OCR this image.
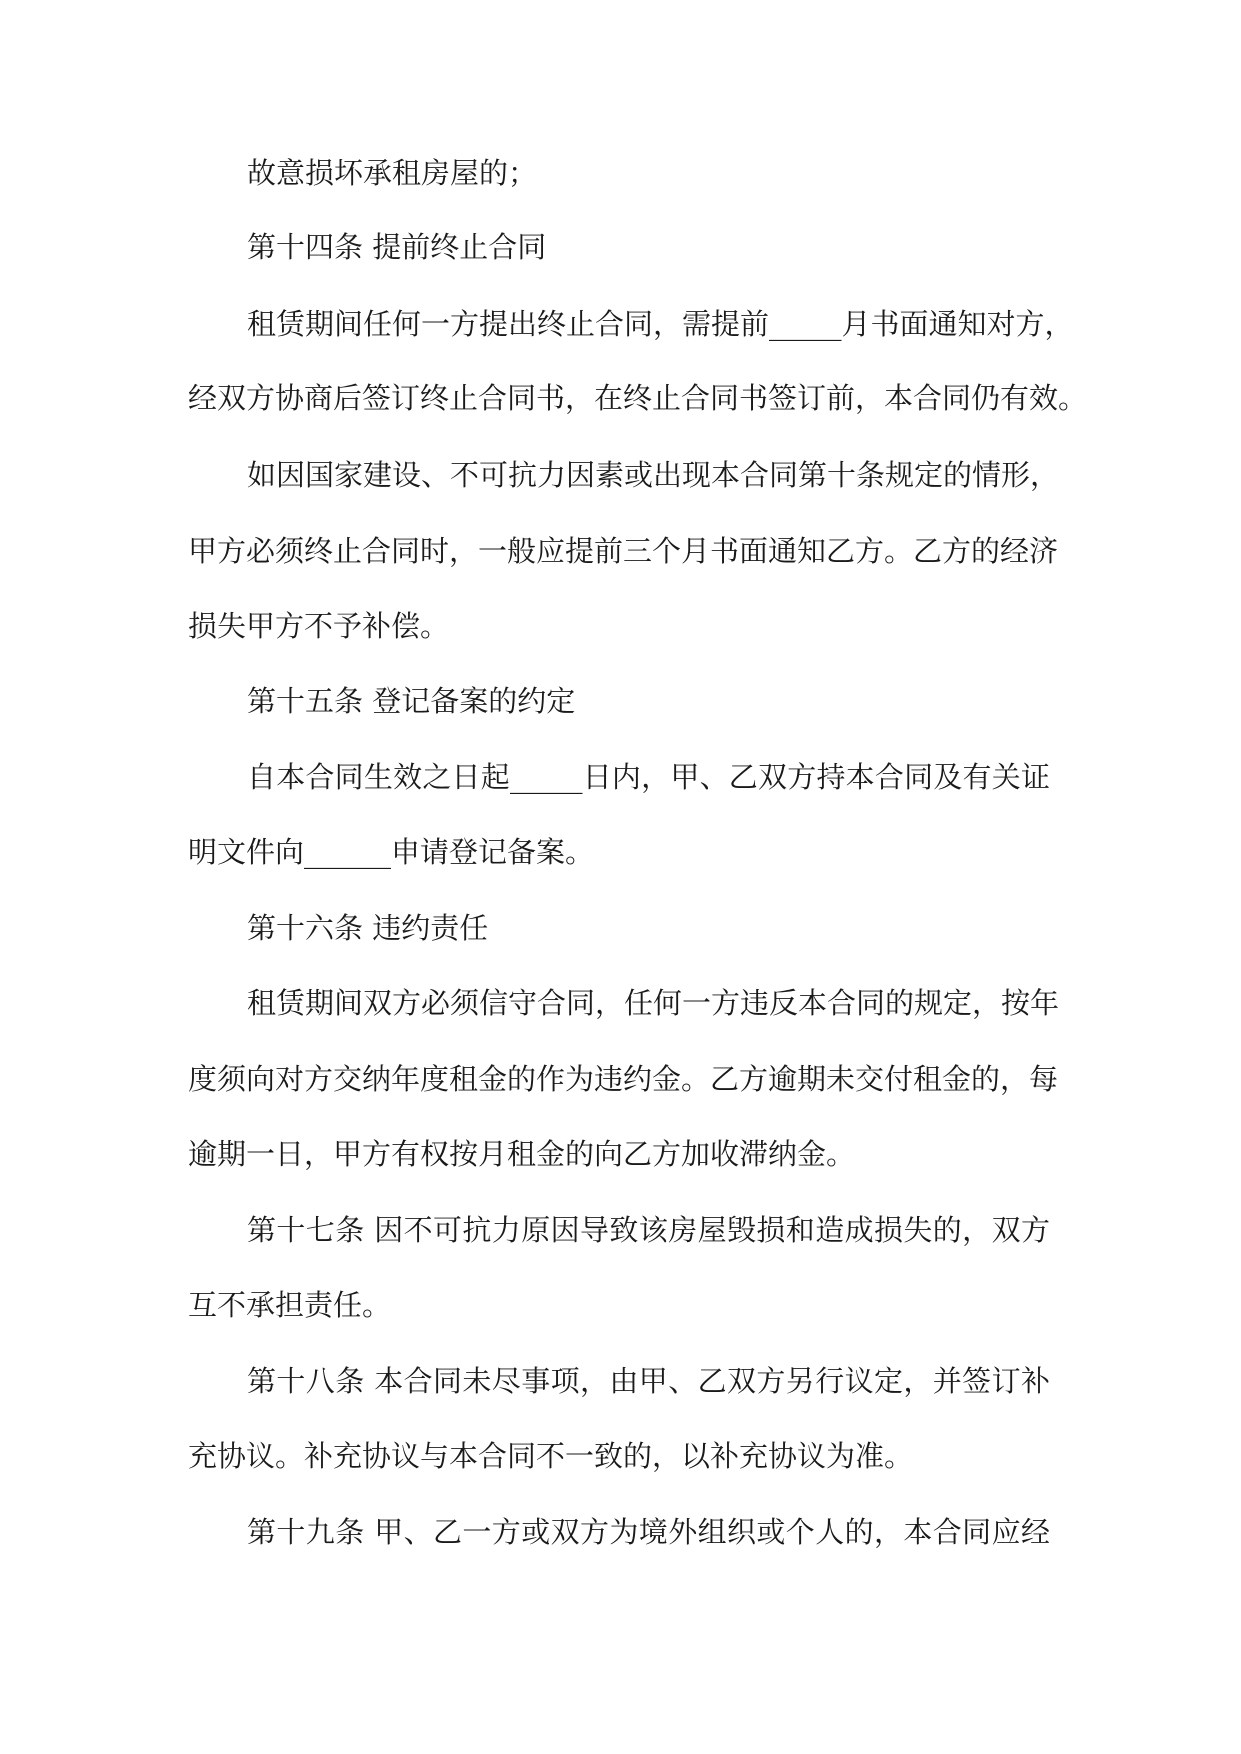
故意损坏承租房屋的；
第十四条 提前终止合同
租赁期间任何一方提出终止合同，需提前_____月书面通知对方，
经双方协商后签订终止合同书，在终止合同书签订前，本合同仍有效。
如因国家建设、不可抗力因素或出现本合同第十条规定的情形，
甲方必须终止合同时，一般应提前三个月书面通知乙方。乙方的经济
损失甲方不予补偿。
第十五条 登记备案的约定
自本合同生效之日起_____日内，甲、乙双方持本合同及有关证
明文件向______申请登记备案。
第十六条 违约责任
租赁期间双方必须信守合同，任何一方违反本合同的规定，按年
度须向对方交纳年度租金的作为违约金。乙方逾期未交付租金的，每
逾期一日，甲方有权按月租金的向乙方加收滞纳金。
第十七条 因不可抗力原因导致该房屋毁损和造成损失的，双方
互不承担责任。
第十八条 本合同未尽事项，由甲、乙双方另行议定，并签订补
充协议。补充协议与本合同不一致的，以补充协议为准。
第十九条 甲、乙一方或双方为境外组织或个人的，本合同应经
